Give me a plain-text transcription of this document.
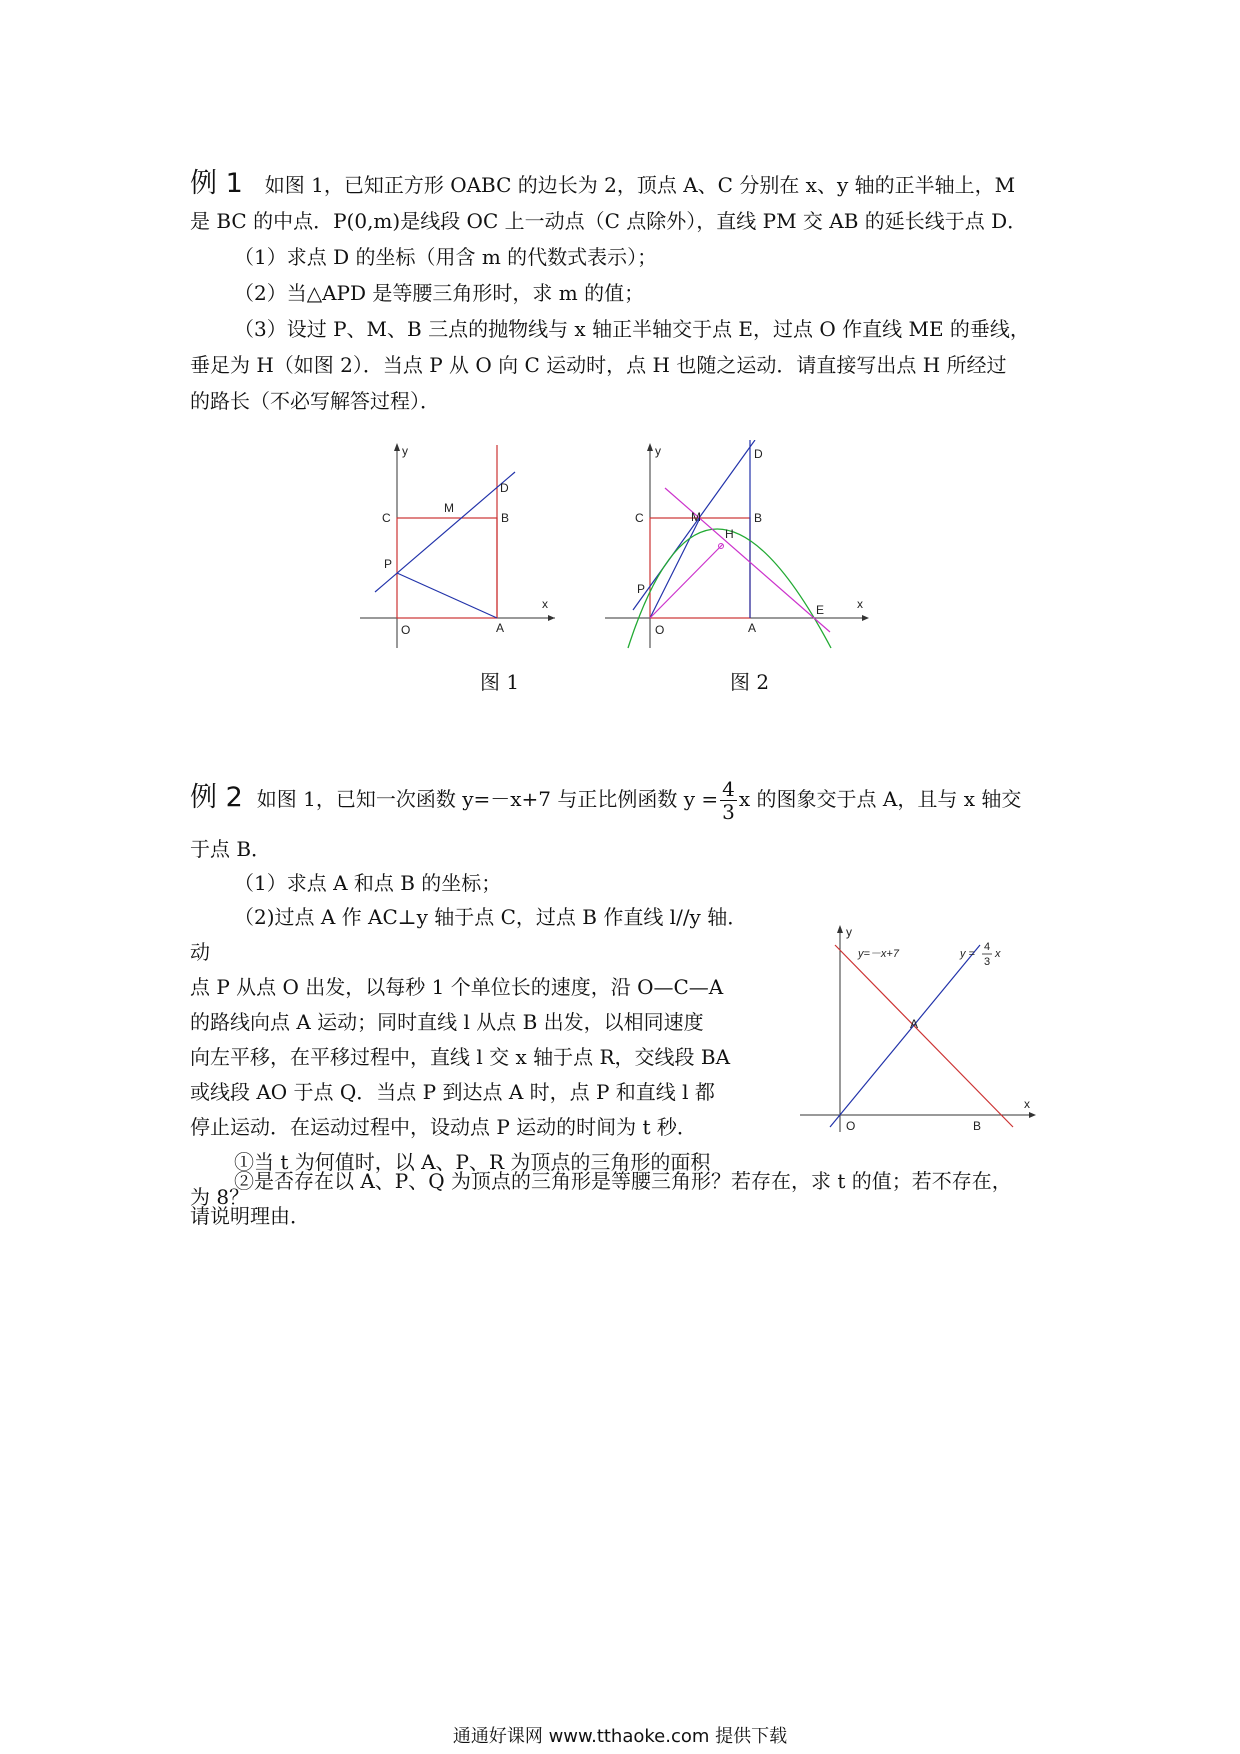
例 1 如图 1，已知正方形 OABC 的边长为 2，顶点 A、C 分别在 x、y 轴的正半轴上，M

是 BC 的中点．P(0,m)是线段 OC 上一动点（C 点除外），直线 PM 交 AB 的延长线于点 D．

（1）求点 D 的坐标（用含 m 的代数式表示）；

（2）当△APD 是等腰三角形时，求 m 的值；

（3）设过 P、M、B 三点的抛物线与 x 轴正半轴交于点 E，过点 O 作直线 ME 的垂线，

垂足为 H（如图 2）．当点 P 从 O 向 C 运动时，点 H 也随之运动．请直接写出点 H 所经过

的路长（不必写解答过程）．

y
x
C
M
B
D
P
O	A
图 1
y
x
C	M	B
D
P
H
O	A
E
图 2

例 2 如图 1，已知一次函数 y=－x+7 与正比例函数 $y = \frac{4}{3}$ x 的图象交于点 A，且与 x 轴交

于点 B．

（1）求点 A 和点 B 的坐标；

（2)过点 A 作 AC⊥y 轴于点 C，过点 B 作直线 l//y 轴．动

点 P 从点 O 出发，以每秒 1 个单位长的速度，沿 O—C—A

的路线向点 A 运动；同时直线 l 从点 B 出发，以相同速度

向左平移，在平移过程中，直线 l 交 x 轴于点 R，交线段 BA

或线段 AO 于点 Q．当点 P 到达点 A 时，点 P 和直线 l 都

停止运动．在运动过程中，设动点 P 运动的时间为 t 秒．

①当 t 为何值时，以 A、P、R 为顶点的三角形的面积

为 8？

②是否存在以 A、P、Q 为顶点的三角形是等腰三角形？若存在，求 t 的值；若不存在，

请说明理由．

y
x
A
O	B
y=－x+7	y =
4
3
x
通通好课网 www.tthaoke.com 提供下载
